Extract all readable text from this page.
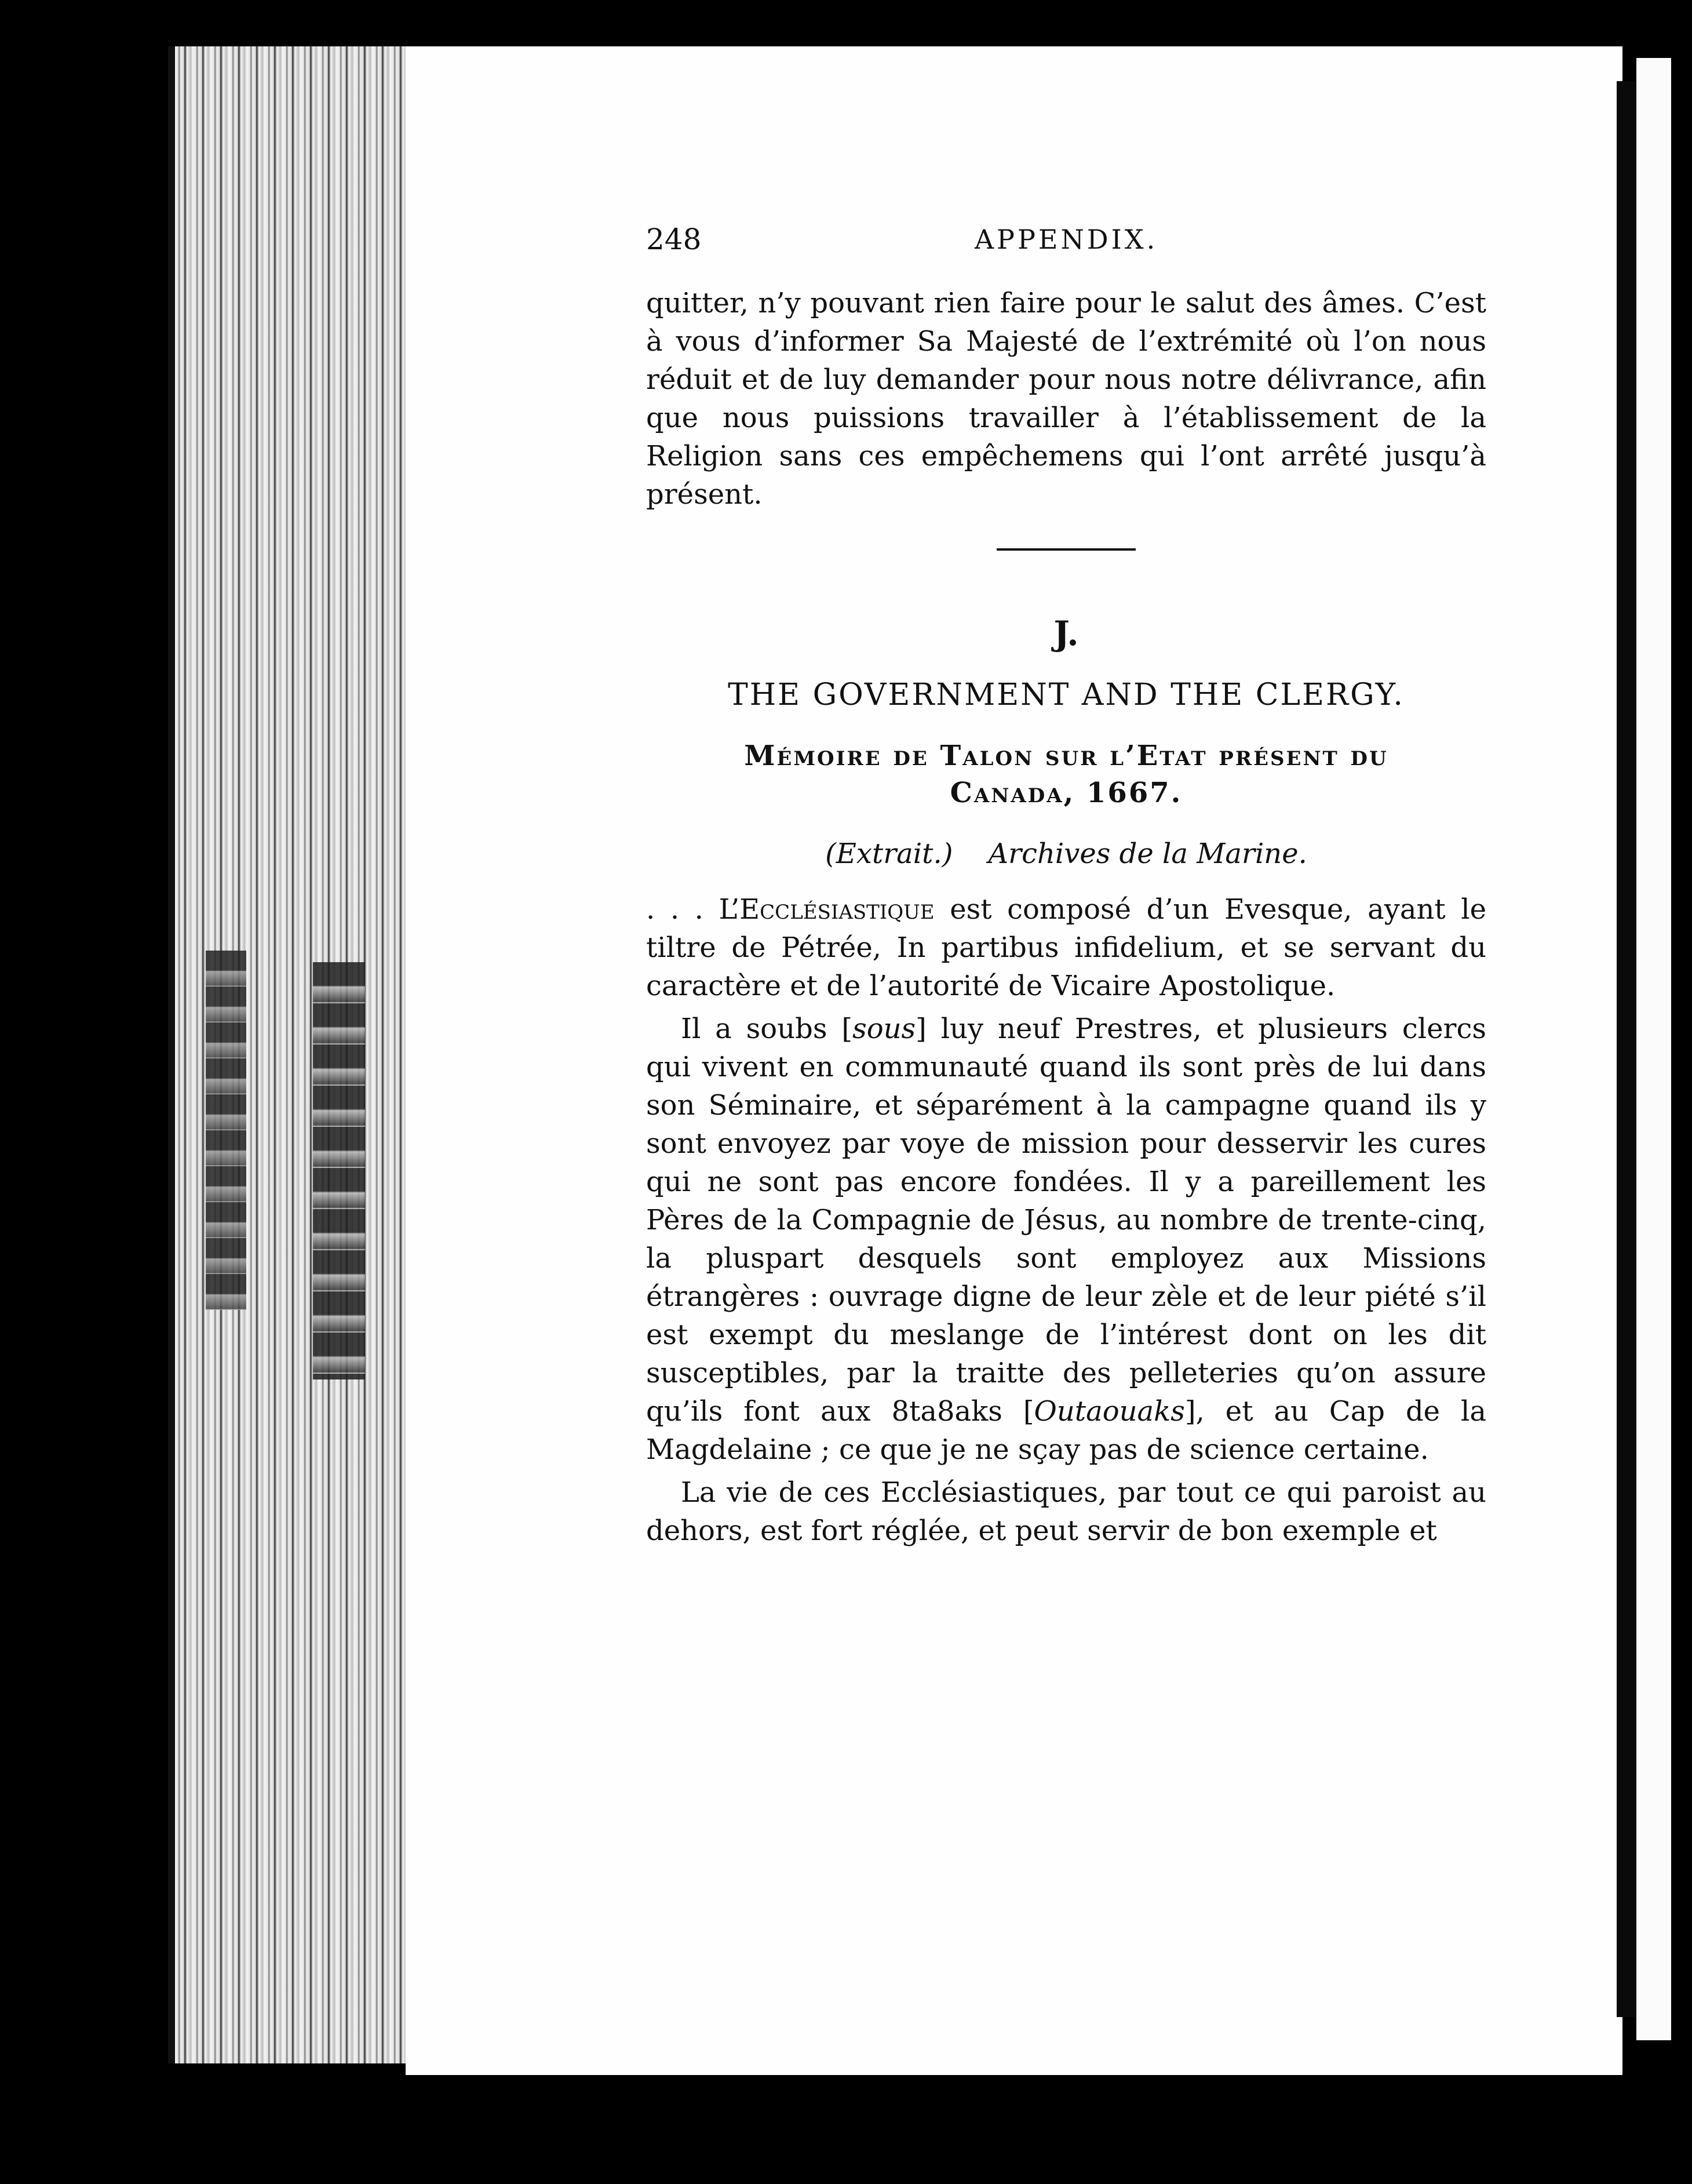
248	APPENDIX.

quitter, n’y pouvant rien faire pour le salut des âmes. C’est à vous d’informer Sa Majesté de l’extrémité où l’on nous réduit et de luy demander pour nous notre délivrance, afin que nous puissions travailler à l’établissement de la Religion sans ces empêchemens qui l’ont arrêté jusqu’à présent.

J.
THE GOVERNMENT AND THE CLERGY.
Mémoire de Talon sur l’Etat présent du
Canada, 1667.
(Extrait.) Archives de la Marine.

. . . L’Ecclésiastique est composé d’un Evesque, ayant le tiltre de Pétrée, In partibus infidelium, et se servant du caractère et de l’autorité de Vicaire Apostolique.

Il a soubs [sous] luy neuf Prestres, et plusieurs clercs qui vivent en communauté quand ils sont près de lui dans son Séminaire, et séparément à la campagne quand ils y sont envoyez par voye de mission pour desservir les cures qui ne sont pas encore fondées. Il y a pareillement les Pères de la Compagnie de Jésus, au nombre de trente-cinq, la pluspart desquels sont employez aux Missions étrangères : ouvrage digne de leur zèle et de leur piété s’il est exempt du meslange de l’intérest dont on les dit susceptibles, par la traitte des pelleteries qu’on assure qu’ils font aux 8ta8aks [Outaouaks], et au Cap de la Magdelaine ; ce que je ne sçay pas de science certaine.

La vie de ces Ecclésiastiques, par tout ce qui paroist au dehors, est fort réglée, et peut servir de bon exemple et
